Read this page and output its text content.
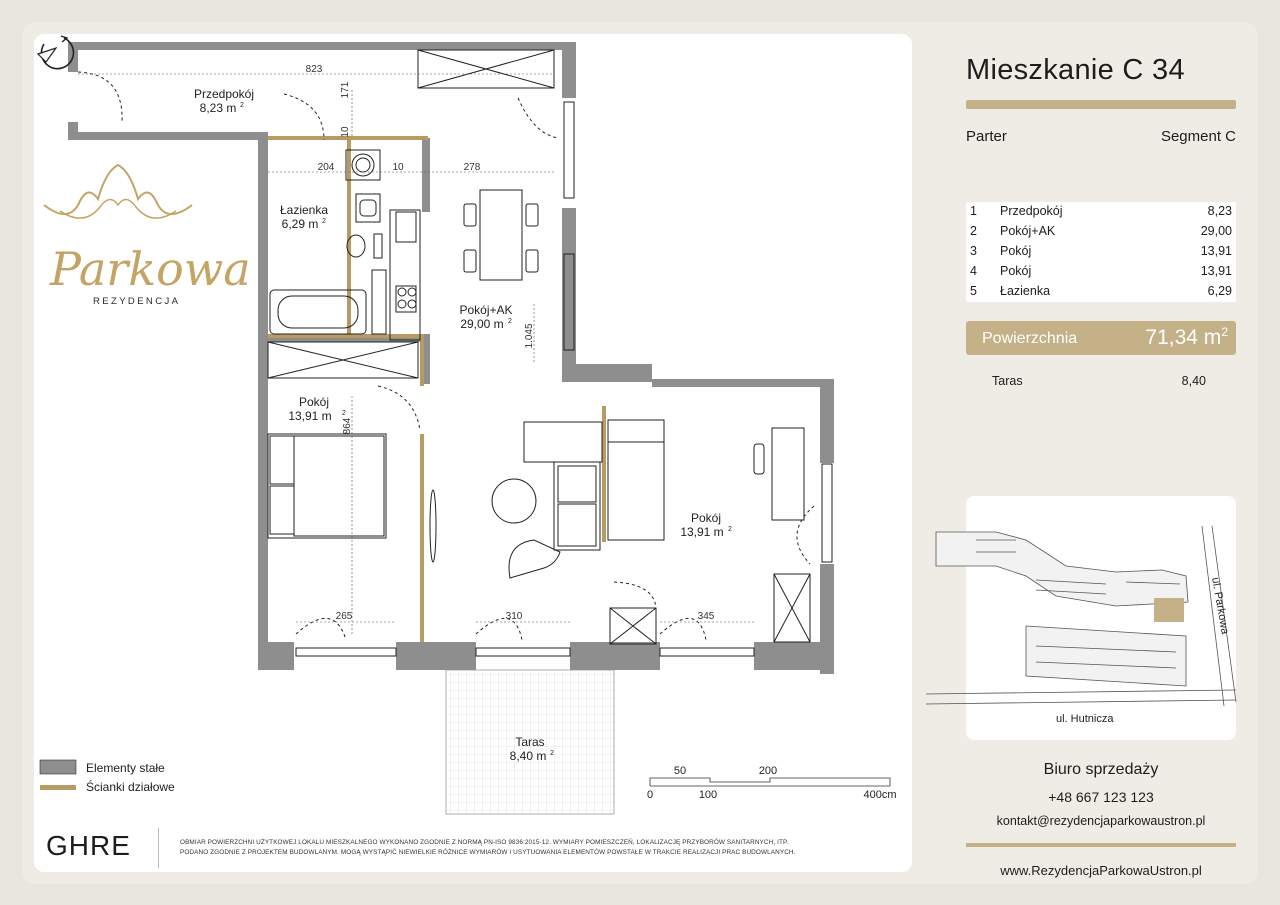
Przedpokój
8,23 m 2
Łazienka
6,29 m 2
Pokój+AK
29,00 m 2
Pokój
13,91 m 2
Pokój
13,91 m 2
Taras
8,40 m 2
823
171
10
204	10	278
1.045
864
265	310	345
Elementy stałe
Ścianki działowe
50	200
0	100	400cm
Parkowa
REZYDENCJA
GHRE	OBMIAR POWIERZCHNI UŻYTKOWEJ LOKALU MIESZKALNEGO WYKONANO ZGODNIE Z NORMĄ PN-ISO 9836:2015-12. WYMIARY POMIESZCZEŃ, LOKALIZACJĘ PRZYBORÓW SANITARNYCH, ITP.
PODANO ZGODNIE Z PROJEKTEM BUDOWLANYM. MOGĄ WYSTĄPIĆ NIEWIELKIE RÓŻNICE WYMIARÓW I USYTUOWANIA ELEMENTÓW POWSTAŁE W TRAKCIE REALIZACJI PRAC BUDOWLANYCH.
Mieszkanie C 34
Parter	Segment C
1 Przedpokój	8,23
2 Pokój+AK	29,00
3 Pokój	13,91
4 Pokój	13,91
5 Łazienka	6,29
Powierzchnia	71,34 $m^2$
Taras	8,40
ul. Parkowa
ul. Hutnicza
Biuro sprzedaży
+48 667 123 123
kontakt@rezydencjaparkowaustron.pl
www.RezydencjaParkowaUstron.pl
